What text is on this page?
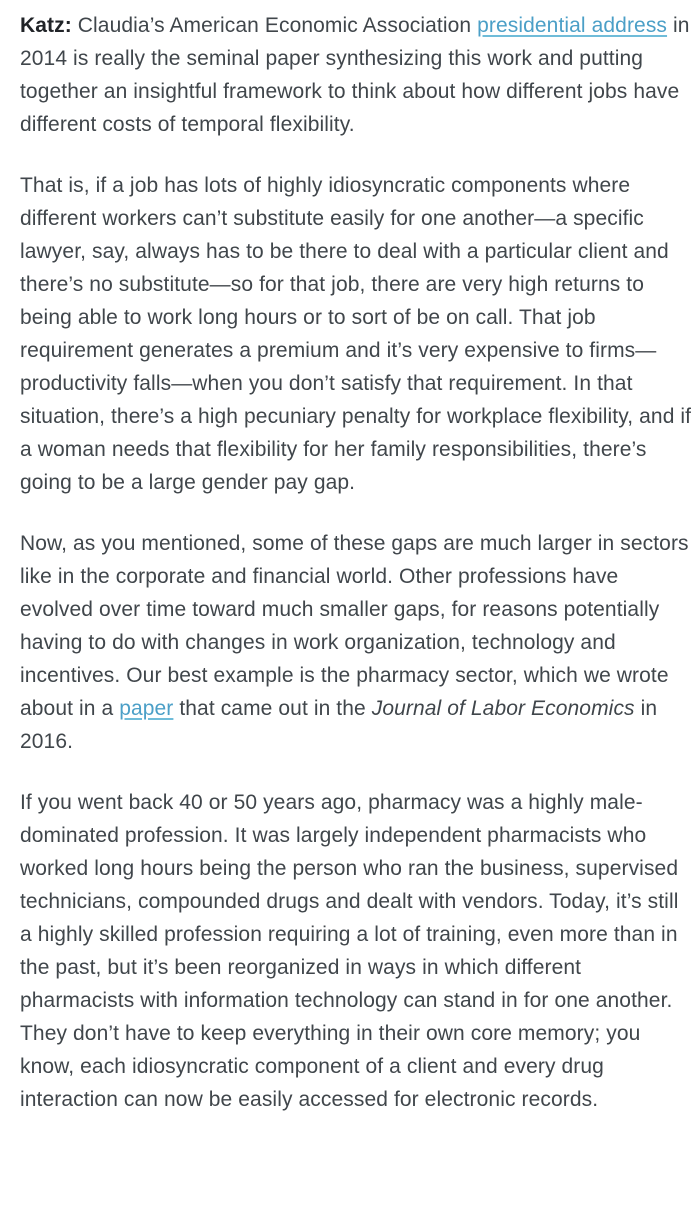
Katz: Claudia’s American Economic Association presidential address in 2014 is really the seminal paper synthesizing this work and putting together an insightful framework to think about how different jobs have different costs of temporal flexibility.

That is, if a job has lots of highly idiosyncratic components where different workers can’t substitute easily for one another​—a specific lawyer, say, always has to be there to deal with a particular client and there’s no substitute—so for that job, there are very high returns to being able to work long hours or to sort of be on call. That job requirement generates a premium and it’s very expensive to firms—productivity falls—when you don’t satisfy that requirement. In that situation, there’s a high pecuniary penalty for workplace flexibility, and if a woman needs that flexibility for her family responsibilities, there’s going to be a large gender pay gap.

Now, as you mentioned, some of these gaps are much larger in sectors like in the corporate and financial world. Other professions have evolved over time toward much smaller gaps, for reasons potentially having to do with changes in work organization, technology and incentives. Our best example is the pharmacy sector, which we wrote about in a paper that came out in the Journal of Labor Economics in 2016.

If you went back 40 or 50 years ago, pharmacy was a highly male-dominated profession. It was largely independent pharmacists who worked long hours being the person who ran the business, supervised technicians, compounded drugs and dealt with vendors. Today, it’s still a highly skilled profession requiring a lot of training, even more than in the past, but it’s been reorganized in ways in which different pharmacists with information technology can stand in for one another. They don’t have to keep everything in their own core memory; you know, each idiosyncratic component of a client and every drug interaction can now be easily accessed for electronic records.
